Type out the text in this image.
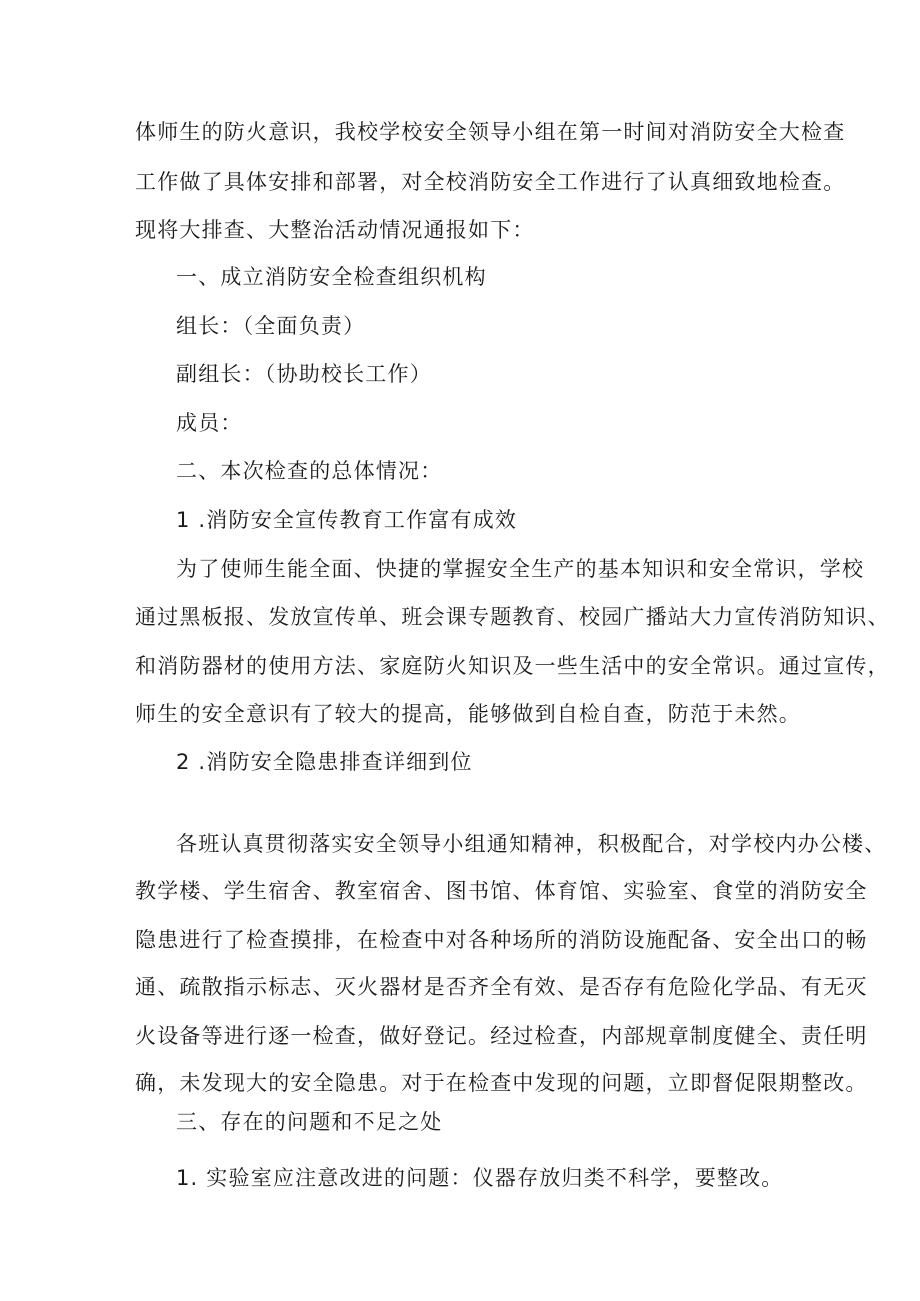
体师生的防火意识，我校学校安全领导小组在第一时间对消防安全大检查

工作做了具体安排和部署，对全校消防安全工作进行了认真细致地检查。

现将大排查、大整治活动情况通报如下：

一、成立消防安全检查组织机构

组长：（全面负责）

副组长：（协助校长工作）

成员：

二、本次检查的总体情况：

1 .消防安全宣传教育工作富有成效

为了使师生能全面、快捷的掌握安全生产的基本知识和安全常识，学校

通过黑板报、发放宣传单、班会课专题教育、校园广播站大力宣传消防知识、

和消防器材的使用方法、家庭防火知识及一些生活中的安全常识。通过宣传，

师生的安全意识有了较大的提高，能够做到自检自查，防范于未然。

2 .消防安全隐患排查详细到位

各班认真贯彻落实安全领导小组通知精神，积极配合，对学校内办公楼、

教学楼、学生宿舍、教室宿舍、图书馆、体育馆、实验室、食堂的消防安全

隐患进行了检查摸排，在检查中对各种场所的消防设施配备、安全出口的畅

通、疏散指示标志、灭火器材是否齐全有效、是否存有危险化学品、有无灭

火设备等进行逐一检查，做好登记。经过检查，内部规章制度健全、责任明

确，未发现大的安全隐患。对于在检查中发现的问题，立即督促限期整改。

三、存在的问题和不足之处

1. 实验室应注意改进的问题：仪器存放归类不科学，要整改。
